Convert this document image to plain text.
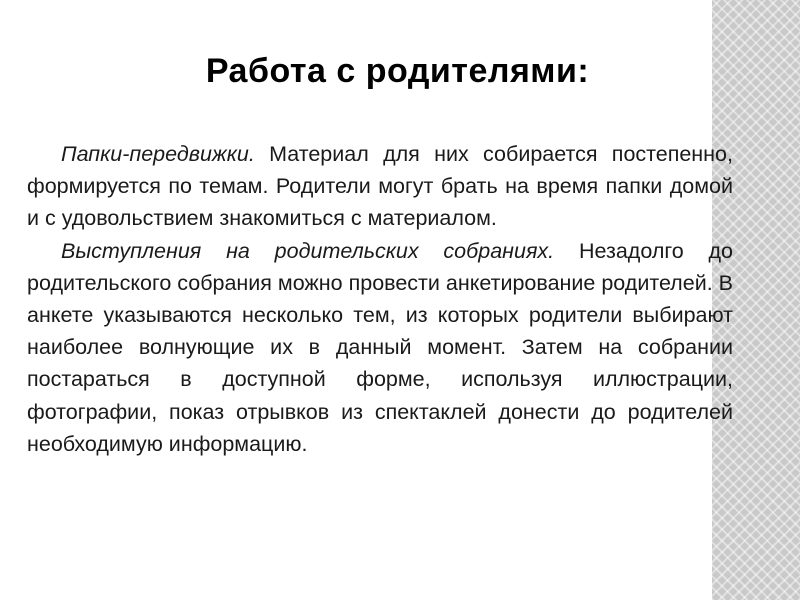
Работа с родителями:

Папки-передвижки. Материал для них собирается постепенно, формируется по темам. Родители могут брать на время папки домой и с удовольствием знакомиться с материалом.

Выступления на родительских собраниях. Незадолго до родительского собрания можно провести анкетирование родителей. В анкете указываются несколько тем, из которых родители выбирают наиболее волнующие их в данный момент. Затем на собрании постараться в доступной форме, используя иллюстрации, фотографии, показ отрывков из спектаклей донести до родителей необходимую информацию.
